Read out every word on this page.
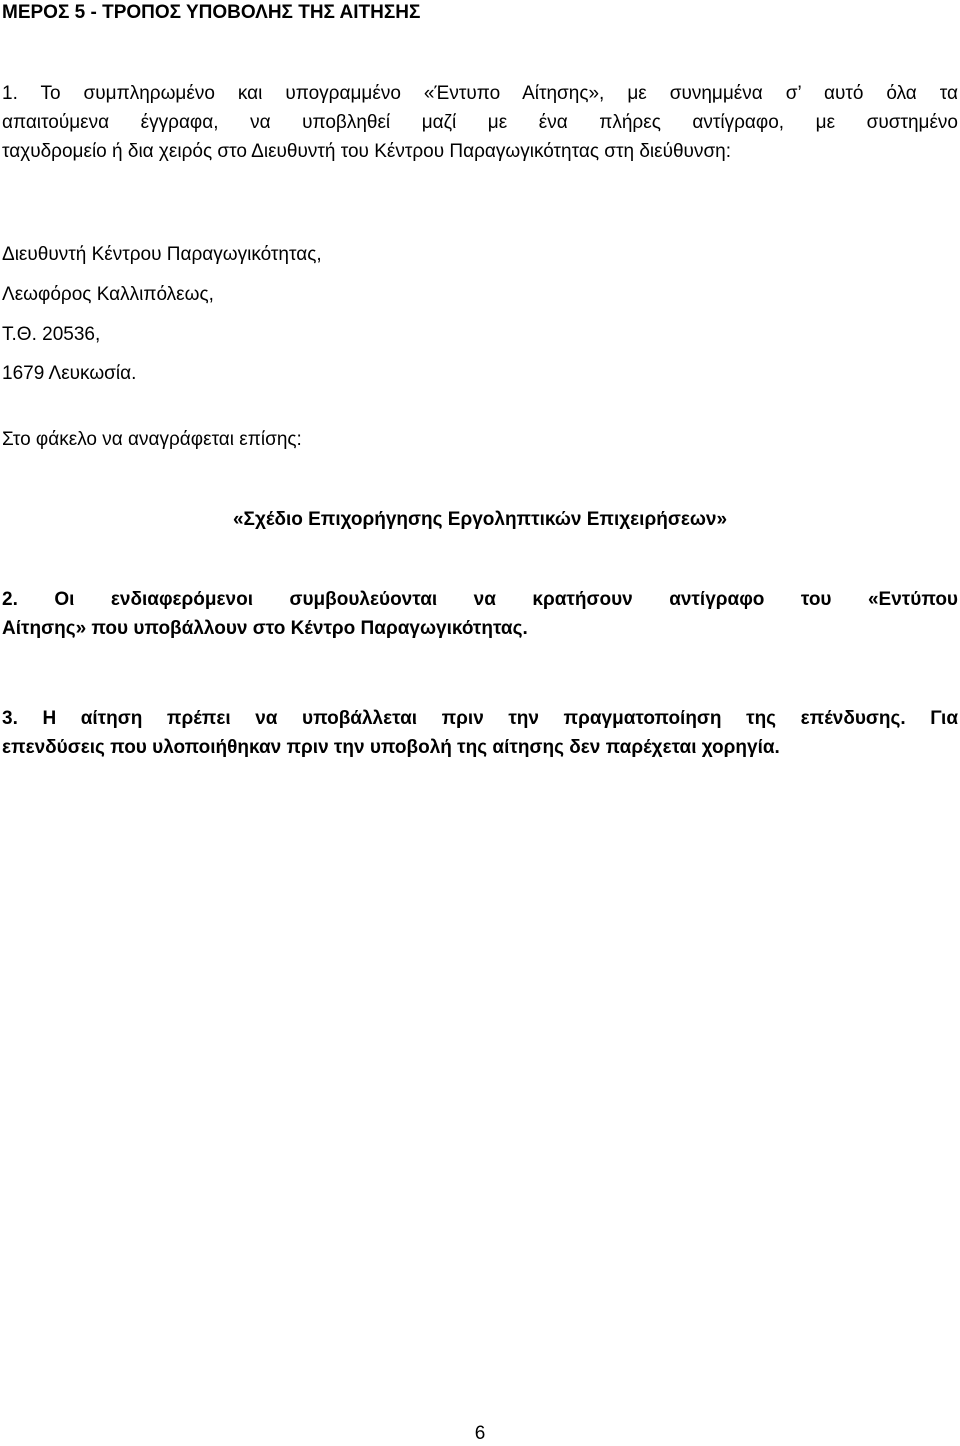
ΜΕΡΟΣ 5 - ΤΡΟΠΟΣ ΥΠΟΒΟΛΗΣ ΤΗΣ ΑΙΤΗΣΗΣ
1. Το συμπληρωμένο και υπογραμμένο «Έντυπο Αίτησης», με συνημμένα σ’ αυτό όλα τα
απαιτούμενα έγγραφα, να υποβληθεί μαζί με ένα πλήρες αντίγραφο, με συστημένο
ταχυδρομείο ή δια χειρός στο Διευθυντή του Κέντρου Παραγωγικότητας στη διεύθυνση:

Διευθυντή Κέντρου Παραγωγικότητας,

Λεωφόρος Καλλιπόλεως,

Τ.Θ. 20536,

1679 Λευκωσία.

Στο φάκελο να αναγράφεται επίσης:

«Σχέδιο Επιχορήγησης Εργοληπτικών Επιχειρήσεων»

2. Οι ενδιαφερόμενοι συμβουλεύονται να κρατήσουν αντίγραφο του «Εντύπου
Αίτησης» που υποβάλλουν στο Κέντρο Παραγωγικότητας.
3. Η αίτηση πρέπει να υποβάλλεται πριν την πραγματοποίηση της επένδυσης. Για
επενδύσεις που υλοποιήθηκαν πριν την υποβολή της αίτησης δεν παρέχεται χορηγία.

6
